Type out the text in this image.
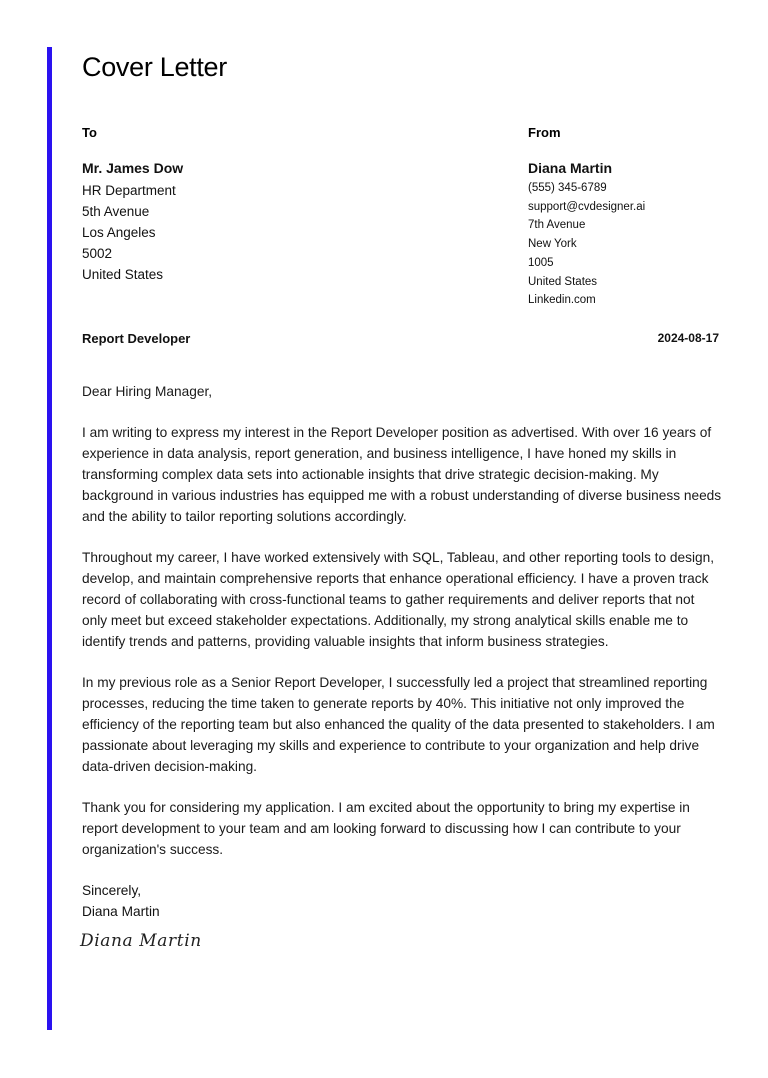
Cover Letter
To	From
Mr. James Dow
HR Department
5th Avenue
Los Angeles
5002
United States
Diana Martin
(555) 345-6789
support@cvdesigner.ai
7th Avenue
New York
1005
United States
Linkedin.com
Report Developer	2024-08-17

Dear Hiring Manager,

I am writing to express my interest in the Report Developer position as advertised. With over 16 years of experience in data analysis, report generation, and business intelligence, I have honed my skills in transforming complex data sets into actionable insights that drive strategic decision-making. My background in various industries has equipped me with a robust understanding of diverse business needs and the ability to tailor reporting solutions accordingly.

Throughout my career, I have worked extensively with SQL, Tableau, and other reporting tools to design, develop, and maintain comprehensive reports that enhance operational efficiency. I have a proven track record of collaborating with cross-functional teams to gather requirements and deliver reports that not only meet but exceed stakeholder expectations. Additionally, my strong analytical skills enable me to identify trends and patterns, providing valuable insights that inform business strategies.

In my previous role as a Senior Report Developer, I successfully led a project that streamlined reporting processes, reducing the time taken to generate reports by 40%. This initiative not only improved the efficiency of the reporting team but also enhanced the quality of the data presented to stakeholders. I am passionate about leveraging my skills and experience to contribute to your organization and help drive data-driven decision-making.

Thank you for considering my application. I am excited about the opportunity to bring my expertise in report development to your team and am looking forward to discussing how I can contribute to your organization's success.

Sincerely,
Diana Martin
Diana Martin
